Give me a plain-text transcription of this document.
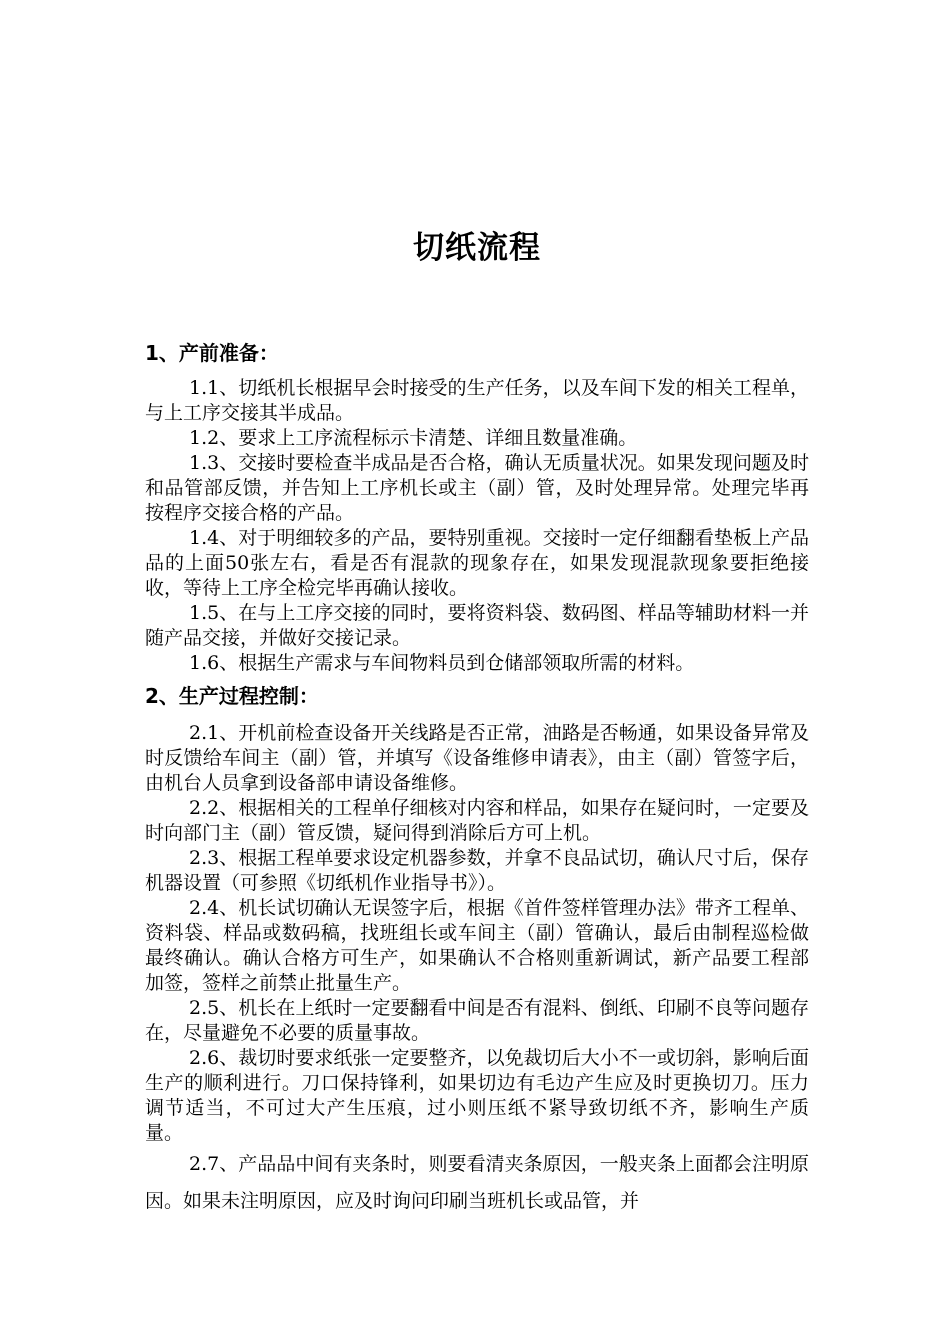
切纸流程

1、产前准备：

1.1、切纸机长根据早会时接受的生产任务，以及车间下发的相关工程单，与上工序交接其半成品。

1.2、要求上工序流程标示卡清楚、详细且数量准确。

1.3、交接时要检查半成品是否合格，确认无质量状况。如果发现问题及时和品管部反馈，并告知上工序机长或主（副）管，及时处理异常。处理完毕再按程序交接合格的产品。

1.4、对于明细较多的产品，要特别重视。交接时一定仔细翻看垫板上产品品的上面50张左右，看是否有混款的现象存在，如果发现混款现象要拒绝接收，等待上工序全检完毕再确认接收。

1.5、在与上工序交接的同时，要将资料袋、数码图、样品等辅助材料一并随产品交接，并做好交接记录。

1.6、根据生产需求与车间物料员到仓储部领取所需的材料。

2、生产过程控制：

2.1、开机前检查设备开关线路是否正常，油路是否畅通，如果设备异常及时反馈给车间主（副）管，并填写《设备维修申请表》，由主（副）管签字后，由机台人员拿到设备部申请设备维修。

2.2、根据相关的工程单仔细核对内容和样品，如果存在疑问时，一定要及时向部门主（副）管反馈，疑问得到消除后方可上机。

2.3、根据工程单要求设定机器参数，并拿不良品试切，确认尺寸后，保存机器设置（可参照《切纸机作业指导书》）。

2.4、机长试切确认无误签字后，根据《首件签样管理办法》带齐工程单、资料袋、样品或数码稿，找班组长或车间主（副）管确认，最后由制程巡检做最终确认。确认合格方可生产，如果确认不合格则重新调试，新产品要工程部加签，签样之前禁止批量生产。

2.5、机长在上纸时一定要翻看中间是否有混料、倒纸、印刷不良等问题存在，尽量避免不必要的质量事故。

2.6、裁切时要求纸张一定要整齐，以免裁切后大小不一或切斜，影响后面生产的顺利进行。刀口保持锋利，如果切边有毛边产生应及时更换切刀。压力调节适当，不可过大产生压痕，过小则压纸不紧导致切纸不齐，影响生产质量。

2.7、产品品中间有夹条时，则要看清夹条原因，一般夹条上面都会注明原因。如果未注明原因，应及时询问印刷当班机长或品管，并
